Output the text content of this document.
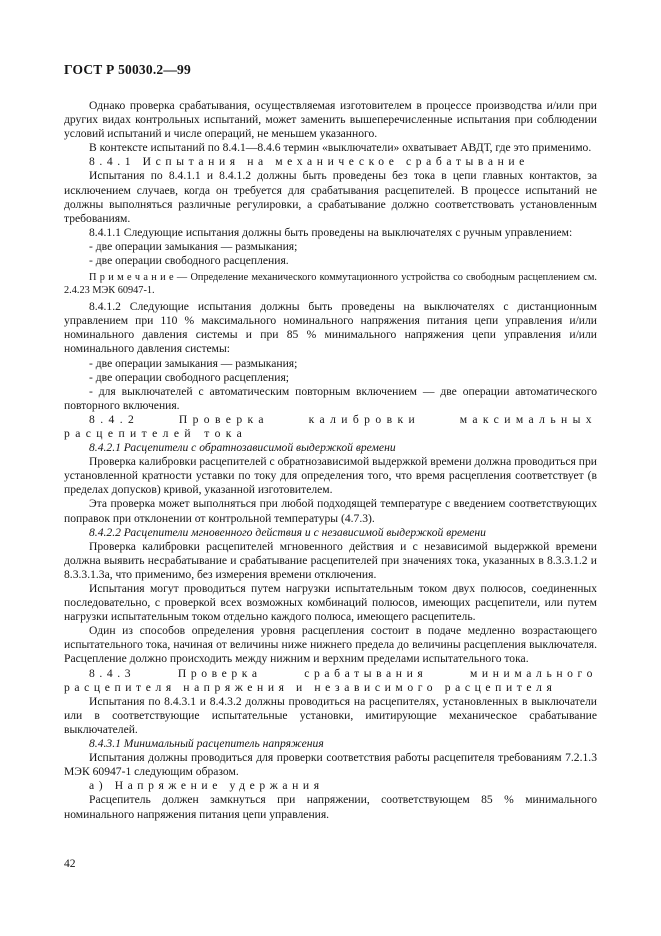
ГОСТ Р 50030.2—99

Однако проверка срабатывания, осуществляемая изготовителем в процессе производства и/или при других видах контрольных испытаний, может заменить вышеперечисленные испытания при соблюдении условий испытаний и числе операций, не меньшем указанного.

В контексте испытаний по 8.4.1—8.4.6 термин «выключатели» охватывает АВДТ, где это применимо.

8.4.1 Испытания на механическое срабатывание

Испытания по 8.4.1.1 и 8.4.1.2 должны быть проведены без тока в цепи главных контактов, за исключением случаев, когда он требуется для срабатывания расцепителей. В процессе испытаний не должны выполняться различные регулировки, а срабатывание должно соответствовать установленным требованиям.

8.4.1.1 Следующие испытания должны быть проведены на выключателях с ручным управлением:

- две операции замыкания — размыкания;

- две операции свободного расцепления.

П р и м е ч а н и е — Определение механического коммутационного устройства со свободным расцеплением см. 2.4.23 МЭК 60947-1.

8.4.1.2 Следующие испытания должны быть проведены на выключателях с дистанционным управлением при 110 % максимального номинального напряжения питания цепи управления и/или номинального давления системы и при 85 % минимального напряжения цепи управления и/или номинального давления системы:

- две операции замыкания — размыкания;

- две операции свободного расцепления;

- для выключателей с автоматическим повторным включением — две операции автоматического повторного включения.

8.4.2 Проверка калибровки максимальных расцепителей тока

8.4.2.1 Расцепители с обратнозависимой выдержкой времени

Проверка калибровки расцепителей с обратнозависимой выдержкой времени должна проводиться при установленной кратности уставки по току для определения того, что время расцепления соответствует (в пределах допусков) кривой, указанной изготовителем.

Эта проверка может выполняться при любой подходящей температуре с введением соответствующих поправок при отклонении от контрольной температуры (4.7.3).

8.4.2.2 Расцепители мгновенного действия и с независимой выдержкой времени

Проверка калибровки расцепителей мгновенного действия и с независимой выдержкой времени должна выявить несрабатывание и срабатывание расцепителей при значениях тока, указанных в 8.3.3.1.2 и 8.3.3.1.3а, что применимо, без измерения времени отключения.

Испытания могут проводиться путем нагрузки испытательным током двух полюсов, соединенных последовательно, с проверкой всех возможных комбинаций полюсов, имеющих расцепители, или путем нагрузки испытательным током отдельно каждого полюса, имеющего расцепитель.

Один из способов определения уровня расцепления состоит в подаче медленно возрастающего испытательного тока, начиная от величины ниже нижнего предела до величины расцепления выключателя. Расцепление должно происходить между нижним и верхним пределами испытательного тока.

8.4.3 Проверка срабатывания минимального расцепителя напряжения и независимого расцепителя

Испытания по 8.4.3.1 и 8.4.3.2 должны проводиться на расцепителях, установленных в выключатели или в соответствующие испытательные установки, имитирующие механическое срабатывание выключателей.

8.4.3.1 Минимальный расцепитель напряжения

Испытания должны проводиться для проверки соответствия работы расцепителя требованиям 7.2.1.3 МЭК 60947-1 следующим образом.

а) Напряжение удержания

Расцепитель должен замкнуться при напряжении, соответствующем 85 % минимального номинального напряжения питания цепи управления.

42
